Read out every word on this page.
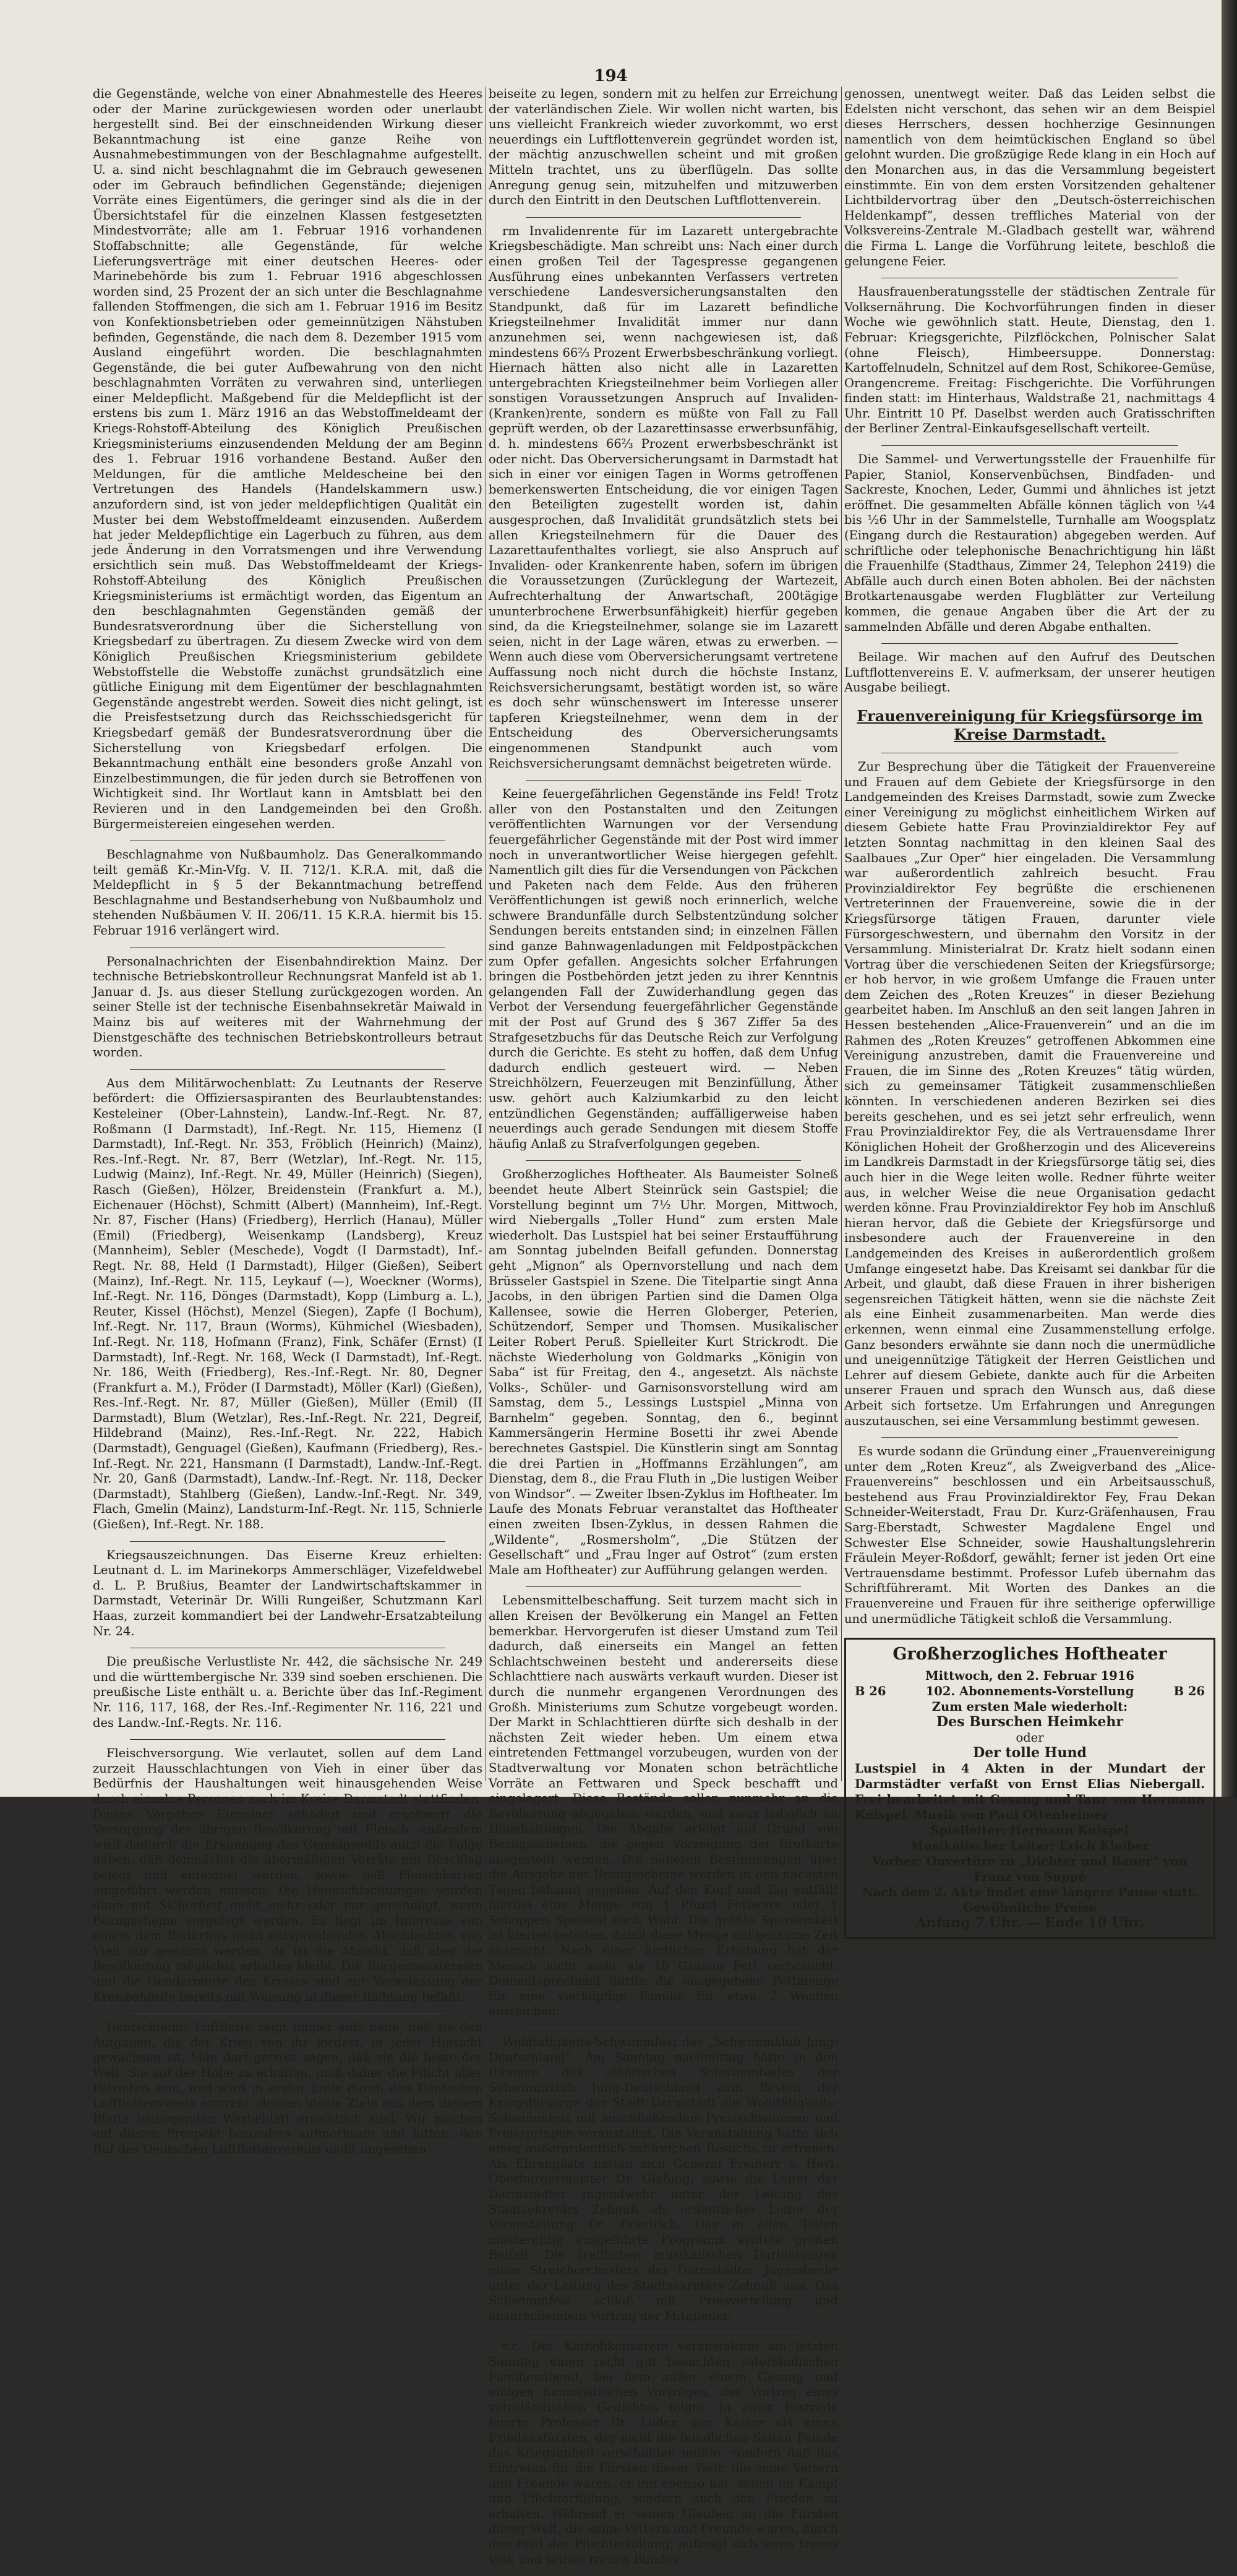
194

die Gegenstände, welche von einer Abnahmestelle des Heeres oder der Marine zurückgewiesen worden oder unerlaubt hergestellt sind. Bei der einschneidenden Wirkung dieser Bekanntmachung ist eine ganze Reihe von Ausnahmebestimmungen von der Beschlagnahme aufgestellt. U. a. sind nicht beschlagnahmt die im Gebrauch gewesenen oder im Gebrauch befindlichen Gegenstände; diejenigen Vorräte eines Eigentümers, die geringer sind als die in der Übersichtstafel für die einzelnen Klassen festgesetzten Mindestvorräte; alle am 1. Februar 1916 vorhandenen Stoffabschnitte; alle Gegenstände, für welche Lieferungsverträge mit einer deutschen Heeres- oder Marinebehörde bis zum 1. Februar 1916 abgeschlossen worden sind, 25 Prozent der an sich unter die Beschlagnahme fallenden Stoffmengen, die sich am 1. Februar 1916 im Besitz von Konfektionsbetrieben oder gemeinnützigen Nähstuben befinden, Gegenstände, die nach dem 8. Dezember 1915 vom Ausland eingeführt worden. Die beschlagnahmten Gegenstände, die bei guter Aufbewahrung von den nicht beschlagnahmten Vorräten zu verwahren sind, unterliegen einer Meldepflicht. Maßgebend für die Meldepflicht ist der erstens bis zum 1. März 1916 an das Webstoffmeldeamt der Kriegs-Rohstoff-Abteilung des Königlich Preußischen Kriegsministeriums einzusendenden Meldung der am Beginn des 1. Februar 1916 vorhandene Bestand. Außer den Meldungen, für die amtliche Meldescheine bei den Vertretungen des Handels (Handelskammern usw.) anzufordern sind, ist von jeder meldepflichtigen Qualität ein Muster bei dem Webstoffmeldeamt einzusenden. Außerdem hat jeder Meldepflichtige ein Lagerbuch zu führen, aus dem jede Änderung in den Vorratsmengen und ihre Verwendung ersichtlich sein muß. Das Webstoffmeldeamt der Kriegs-Rohstoff-Abteilung des Königlich Preußischen Kriegsministeriums ist ermächtigt worden, das Eigentum an den beschlagnahmten Gegenständen gemäß der Bundesratsverordnung über die Sicherstellung von Kriegsbedarf zu übertragen. Zu diesem Zwecke wird von dem Königlich Preußischen Kriegsministerium gebildete Webstoffstelle die Webstoffe zunächst grundsätzlich eine gütliche Einigung mit dem Eigentümer der beschlagnahmten Gegenstände angestrebt werden. Soweit dies nicht gelingt, ist die Preisfestsetzung durch das Reichsschiedsgericht für Kriegsbedarf gemäß der Bundesratsverordnung über die Sicherstellung von Kriegsbedarf erfolgen. Die Bekanntmachung enthält eine besonders große Anzahl von Einzelbestimmungen, die für jeden durch sie Betroffenen von Wichtigkeit sind. Ihr Wortlaut kann in Amtsblatt bei den Revieren und in den Landgemeinden bei den Großh. Bürgermeistereien eingesehen werden.

Beschlagnahme von Nußbaumholz. Das Generalkommando teilt gemäß Kr.-Min-Vfg. V. II. 712/1. K.R.A. mit, daß die Meldepflicht in § 5 der Bekanntmachung betreffend Beschlagnahme und Bestandserhebung von Nußbaumholz und stehenden Nußbäumen V. II. 206/11. 15 K.R.A. hiermit bis 15. Februar 1916 verlängert wird.

Personalnachrichten der Eisenbahndirektion Mainz. Der technische Betriebskontrolleur Rechnungsrat Manfeld ist ab 1. Januar d. Js. aus dieser Stellung zurückgezogen worden. An seiner Stelle ist der technische Eisenbahnsekretär Maiwald in Mainz bis auf weiteres mit der Wahrnehmung der Dienstgeschäfte des technischen Betriebskontrolleurs betraut worden.

Aus dem Militärwochenblatt: Zu Leutnants der Reserve befördert: die Offiziersaspiranten des Beurlaubtenstandes: Kesteleiner (Ober-Lahnstein), Landw.-Inf.-Regt. Nr. 87, Roßmann (I Darmstadt), Inf.-Regt. Nr. 115, Hiemenz (I Darmstadt), Inf.-Regt. Nr. 353, Fröblich (Heinrich) (Mainz), Res.-Inf.-Regt. Nr. 87, Berr (Wetzlar), Inf.-Regt. Nr. 115, Ludwig (Mainz), Inf.-Regt. Nr. 49, Müller (Heinrich) (Siegen), Rasch (Gießen), Hölzer, Breidenstein (Frankfurt a. M.), Eichenauer (Höchst), Schmitt (Albert) (Mannheim), Inf.-Regt. Nr. 87, Fischer (Hans) (Friedberg), Herrlich (Hanau), Müller (Emil) (Friedberg), Weisenkamp (Landsberg), Kreuz (Mannheim), Sebler (Meschede), Vogdt (I Darmstadt), Inf.-Regt. Nr. 88, Held (I Darmstadt), Hilger (Gießen), Seibert (Mainz), Inf.-Regt. Nr. 115, Leykauf (—), Woeckner (Worms), Inf.-Regt. Nr. 116, Dönges (Darmstadt), Kopp (Limburg a. L.), Reuter, Kissel (Höchst), Menzel (Siegen), Zapfe (I Bochum), Inf.-Regt. Nr. 117, Braun (Worms), Kühmichel (Wiesbaden), Inf.-Regt. Nr. 118, Hofmann (Franz), Fink, Schäfer (Ernst) (I Darmstadt), Inf.-Regt. Nr. 168, Weck (I Darmstadt), Inf.-Regt. Nr. 186, Weith (Friedberg), Res.-Inf.-Regt. Nr. 80, Degner (Frankfurt a. M.), Fröder (I Darmstadt), Möller (Karl) (Gießen), Res.-Inf.-Regt. Nr. 87, Müller (Gießen), Müller (Emil) (II Darmstadt), Blum (Wetzlar), Res.-Inf.-Regt. Nr. 221, Degreif, Hildebrand (Mainz), Res.-Inf.-Regt. Nr. 222, Habich (Darmstadt), Genguagel (Gießen), Kaufmann (Friedberg), Res.-Inf.-Regt. Nr. 221, Hansmann (I Darmstadt), Landw.-Inf.-Regt. Nr. 20, Ganß (Darmstadt), Landw.-Inf.-Regt. Nr. 118, Decker (Darmstadt), Stahlberg (Gießen), Landw.-Inf.-Regt. Nr. 349, Flach, Gmelin (Mainz), Landsturm-Inf.-Regt. Nr. 115, Schnierle (Gießen), Inf.-Regt. Nr. 188.

Kriegsauszeichnungen. Das Eiserne Kreuz erhielten: Leutnant d. L. im Marinekorps Ammerschläger, Vizefeldwebel d. L. P. Brußius, Beamter der Landwirtschaftskammer in Darmstadt, Veterinär Dr. Willi Rungeißer, Schutzmann Karl Haas, zurzeit kommandiert bei der Landwehr-Ersatzabteilung Nr. 24.

Die preußische Verlustliste Nr. 442, die sächsische Nr. 249 und die württembergische Nr. 339 sind soeben erschienen. Die preußische Liste enthält u. a. Berichte über das Inf.-Regiment Nr. 116, 117, 168, der Res.-Inf.-Regimenter Nr. 116, 221 und des Landw.-Inf.-Regts. Nr. 116.

Fleischversorgung. Wie verlautet, sollen auf dem Land zurzeit Hausschlachtungen von Vieh in einer über das Bedürfnis der Haushaltungen weit hinausgehenden Weise durch einzelne Personen auch im Kreise Darmstadt stattfinden. Dieses Vorgehen Einzelner schädigt und erschwert die Versorgung der übrigen Bevölkerung mit Fleisch; außerdem wird dadurch die Erkennung des Gemeinwohls auch die Folge haben, daß demnächst die übermäßigen Vorräte mit Beschlag belegt und enteignet werden, sowie daß Fleischkarten eingeführt werden müssen. Die Hausschlachtungen würden dann mit Sicherheit nicht mehr oder nur genehmigt, wenn Bezugscheine vorgelegt werden. Es liegt im Interesse von einem dem Bedürfnis nicht entsprechenden Abschlachten von Vieh nur gewarnt werden, da ist die Absicht, daß aber die Bevölkerung möglichst erhalten bleibt. Die Bürgermeistereien und die Gendarmerie des Kreises sind zur Veranlassung der Kreisbehörde bereits mit Weisung in dieser Richtung befaßt.

Deutschlands Luftflotte zeigt immer aufs neue, daß sie den Aufgaben, die der Krieg von ihr fordert, in jeder Hinsicht gewachsen ist. Man darf getrost sagen, daß sie die beste der Welt. Sie auf der Höhe zu erhalten, muß daher die Pflicht aller Patrioten sein, und wird in erster Linie durch den Deutschen Luftflottenverein erstrebt, dessen ideale Ziele aus dem diesem Blatte beiliegenden Werbeblatt ersichtlich sind. Wir machen auf diesen Prospekt besonders aufmerksam und bitten, den Ruf des Deutschen Luftflottenvereins nicht ungesehen

beiseite zu legen, sondern mit zu helfen zur Erreichung der vaterländischen Ziele. Wir wollen nicht warten, bis uns vielleicht Frankreich wieder zuvorkommt, wo erst neuerdings ein Luftflottenverein gegründet worden ist, der mächtig anzuschwellen scheint und mit großen Mitteln trachtet, uns zu überflügeln. Das sollte Anregung genug sein, mitzuhelfen und mitzuwerben durch den Eintritt in den Deutschen Luftflottenverein.

rm Invalidenrente für im Lazarett untergebrachte Kriegsbeschädigte. Man schreibt uns: Nach einer durch einen großen Teil der Tagespresse gegangenen Ausführung eines unbekannten Verfassers vertreten verschiedene Landesversicherungsanstalten den Standpunkt, daß für im Lazarett befindliche Kriegsteilnehmer Invalidität immer nur dann anzunehmen sei, wenn nachgewiesen ist, daß mindestens 66⅔ Prozent Erwerbsbeschränkung vorliegt. Hiernach hätten also nicht alle in Lazaretten untergebrachten Kriegsteilnehmer beim Vorliegen aller sonstigen Voraussetzungen Anspruch auf Invaliden-(Kranken)rente, sondern es müßte von Fall zu Fall geprüft werden, ob der Lazarettinsasse erwerbsunfähig, d. h. mindestens 66⅔ Prozent erwerbsbeschränkt ist oder nicht. Das Oberversicherungsamt in Darmstadt hat sich in einer vor einigen Tagen in Worms getroffenen bemerkenswerten Entscheidung, die vor einigen Tagen den Beteiligten zugestellt worden ist, dahin ausgesprochen, daß Invalidität grundsätzlich stets bei allen Kriegsteilnehmern für die Dauer des Lazarettaufenthaltes vorliegt, sie also Anspruch auf Invaliden- oder Krankenrente haben, sofern im übrigen die Voraussetzungen (Zurücklegung der Wartezeit, Aufrechterhaltung der Anwartschaft, 200tägige ununterbrochene Erwerbsunfähigkeit) hierfür gegeben sind, da die Kriegsteilnehmer, solange sie im Lazarett seien, nicht in der Lage wären, etwas zu erwerben. — Wenn auch diese vom Oberversicherungsamt vertretene Auffassung noch nicht durch die höchste Instanz, Reichsversicherungsamt, bestätigt worden ist, so wäre es doch sehr wünschenswert im Interesse unserer tapferen Kriegsteilnehmer, wenn dem in der Entscheidung des Oberversicherungsamts eingenommenen Standpunkt auch vom Reichsversicherungsamt demnächst beigetreten würde.

Keine feuergefährlichen Gegenstände ins Feld! Trotz aller von den Postanstalten und den Zeitungen veröffentlichten Warnungen vor der Versendung feuergefährlicher Gegenstände mit der Post wird immer noch in unverantwortlicher Weise hiergegen gefehlt. Namentlich gilt dies für die Versendungen von Päckchen und Paketen nach dem Felde. Aus den früheren Veröffentlichungen ist gewiß noch erinnerlich, welche schwere Brandunfälle durch Selbstentzündung solcher Sendungen bereits entstanden sind; in einzelnen Fällen sind ganze Bahnwagenladungen mit Feldpostpäckchen zum Opfer gefallen. Angesichts solcher Erfahrungen bringen die Postbehörden jetzt jeden zu ihrer Kenntnis gelangenden Fall der Zuwiderhandlung gegen das Verbot der Versendung feuergefährlicher Gegenstände mit der Post auf Grund des § 367 Ziffer 5a des Strafgesetzbuchs für das Deutsche Reich zur Verfolgung durch die Gerichte. Es steht zu hoffen, daß dem Unfug dadurch endlich gesteuert wird. — Neben Streichhölzern, Feuerzeugen mit Benzinfüllung, Äther usw. gehört auch Kalziumkarbid zu den leicht entzündlichen Gegenständen; auffälligerweise haben neuerdings auch gerade Sendungen mit diesem Stoffe häufig Anlaß zu Strafverfolgungen gegeben.

Großherzogliches Hoftheater. Als Baumeister Solneß beendet heute Albert Steinrück sein Gastspiel; die Vorstellung beginnt um 7½ Uhr. Morgen, Mittwoch, wird Niebergalls „Toller Hund“ zum ersten Male wiederholt. Das Lustspiel hat bei seiner Erstaufführung am Sonntag jubelnden Beifall gefunden. Donnerstag geht „Mignon“ als Opernvorstellung und nach dem Brüsseler Gastspiel in Szene. Die Titelpartie singt Anna Jacobs, in den übrigen Partien sind die Damen Olga Kallensee, sowie die Herren Globerger, Peterien, Schützendorf, Semper und Thomsen. Musikalischer Leiter Robert Peruß. Spielleiter Kurt Strickrodt. Die nächste Wiederholung von Goldmarks „Königin von Saba“ ist für Freitag, den 4., angesetzt. Als nächste Volks-, Schüler- und Garnisonsvorstellung wird am Samstag, dem 5., Lessings Lustspiel „Minna von Barnhelm“ gegeben. Sonntag, den 6., beginnt Kammersängerin Hermine Bosetti ihr zwei Abende berechnetes Gastspiel. Die Künstlerin singt am Sonntag die drei Partien in „Hoffmanns Erzählungen“, am Dienstag, dem 8., die Frau Fluth in „Die lustigen Weiber von Windsor“. — Zweiter Ibsen-Zyklus im Hoftheater. Im Laufe des Monats Februar veranstaltet das Hoftheater einen zweiten Ibsen-Zyklus, in dessen Rahmen die „Wildente“, „Rosmersholm“, „Die Stützen der Gesellschaft“ und „Frau Inger auf Ostrot“ (zum ersten Male am Hoftheater) zur Aufführung gelangen werden.

Lebensmittelbeschaffung. Seit turzem macht sich in allen Kreisen der Bevölkerung ein Mangel an Fetten bemerkbar. Hervorgerufen ist dieser Umstand zum Teil dadurch, daß einerseits ein Mangel an fetten Schlachtschweinen besteht und andererseits diese Schlachttiere nach auswärts verkauft wurden. Dieser ist durch die nunmehr ergangenen Verordnungen des Großh. Ministeriums zum Schutze vorgebeugt worden. Der Markt in Schlachttieren dürfte sich deshalb in der nächsten Zeit wieder heben. Um einem etwa eintretenden Fettmangel vorzubeugen, wurden von der Stadtverwaltung vor Monaten schon beträchtliche Vorräte an Fettwaren und Speck beschafft und eingelagert. Diese Bestände sollen nunmehr an die Bevölkerung abgegeben werden, und zwar lediglich an Haushaltungen. Die Abgabe erfolgt auf Grund von Bezugsscheinen, die gegen Vorzeigung der Brotkarte ausgestellt werden. Die näheren Bestimmungen über die Ausgabe der Bezugsscheine werden in den nächsten Tagen bekannt gegeben. Auf den Kopf und Tag entfällt hierbei eine Menge von 1 Pfund Fettware oder 1 Schoppen Speiseöl nach Wahl. Die größte Sparsamkeit ist hierbei geboten, damit diese Menge auf geraume Zeit ausreicht. Nach einer ärztlichen Erhebung hat der Mensch nicht mehr als 10 Gramm Fett verbraucht. Dementsprechend dürfte die ausgegebene Fettmenge für eine vierköpfige Familie für etwa 2 Wochen ausreichen.

Wohltätigkeits-Schwimmfest des „Schwimmklub Jung-Deutschland“. Am Sonntag nachmittag hatte in den Räumen des städtischen Schwimmbades der Schwimmklub Jung-Deutschland zum Besten der Kriegsfürsorge der Stadt Darmstadt ein Wohltätigkeits-Schwimmfest mit anschließendem Preisschwimmen und Preisspringen veranstaltet. Die Veranstaltung hatte sich eines außerordentlich zahlreichen Besuchs zu erfreuen. Als Ehrengäste hatten sich General Freiherr v. Heyl, Oberbürgermeister Dr. Gläßing, sowie die Leiter der Darmstädter Jugendwehr unter der Leitung des Stadtsekretärs Zehnuß als ordentlicher Leiter der Veranstaltung Dr. Friedrich. Das in allen Teilen mustergiltig ausgeführte Programm erntete großen Beifall. Die trefflichen musikalischen Darbietungen eines Streichorchesters der Darmstädter Jugendwehr unter der Leitung des Stadtsekretärs Zehnuß usw. Das Schwimmfest schloß mit Preisverteilung und ansprechendem Vortrag der Mitglieder.

v.c. Der Katholikenverein veranstaltete am letzten Sonntag einen recht gut besuchten vaterländischen Familienabend, bei dem außer einem Gesang und einigen humoristischen Vorträgen, der Vortrag eines vaterländischen Gedichtes folgte. In einer Festrede feierte Professor Dr. Lüden den Kaiser als einen Friedensfürsten, der nicht die feindlichen Seiten Feinde das Kriegsunheil verschulden mußte, sondern daß das Eintreten für die Fürsten dieser Welt, die seine Vettern und Freunde waren, er ihn ebenso hat, sehen im Kampf und Pflichterfüllung, sondern auch den Frieden zu erhalten. Während er seinen Glauben an die Fürsten dieser Welt, die seine Vettern und Freunde waren, durch den Pfad der Pflichterfüllung, aufzeigt sich seine treues Volk und seinen treuen Bundes-

genossen, unentwegt weiter. Daß das Leiden selbst die Edelsten nicht verschont, das sehen wir an dem Beispiel dieses Herrschers, dessen hochherzige Gesinnungen namentlich von dem heimtückischen England so übel gelohnt wurden. Die großzügige Rede klang in ein Hoch auf den Monarchen aus, in das die Versammlung begeistert einstimmte. Ein von dem ersten Vorsitzenden gehaltener Lichtbildervortrag über den „Deutsch-österreichischen Heldenkampf“, dessen treffliches Material von der Volksvereins-Zentrale M.-Gladbach gestellt war, während die Firma L. Lange die Vorführung leitete, beschloß die gelungene Feier.

Hausfrauenberatungsstelle der städtischen Zentrale für Volksernährung. Die Kochvorführungen finden in dieser Woche wie gewöhnlich statt. Heute, Dienstag, den 1. Februar: Kriegsgerichte, Pilzflöckchen, Polnischer Salat (ohne Fleisch), Himbeersuppe. Donnerstag: Kartoffelnudeln, Schnitzel auf dem Rost, Schikoree-Gemüse, Orangencreme. Freitag: Fischgerichte. Die Vorführungen finden statt: im Hinterhaus, Waldstraße 21, nachmittags 4 Uhr. Eintritt 10 Pf. Daselbst werden auch Gratisschriften der Berliner Zentral-Einkaufsgesellschaft verteilt.

Die Sammel- und Verwertungsstelle der Frauenhilfe für Papier, Staniol, Konservenbüchsen, Bindfaden- und Sackreste, Knochen, Leder, Gummi und ähnliches ist jetzt eröffnet. Die gesammelten Abfälle können täglich von ¼4 bis ½6 Uhr in der Sammelstelle, Turnhalle am Woogsplatz (Eingang durch die Restauration) abgegeben werden. Auf schriftliche oder telephonische Benachrichtigung hin läßt die Frauenhilfe (Stadthaus, Zimmer 24, Telephon 2419) die Abfälle auch durch einen Boten abholen. Bei der nächsten Brotkartenausgabe werden Flugblätter zur Verteilung kommen, die genaue Angaben über die Art der zu sammelnden Abfälle und deren Abgabe enthalten.

Beilage. Wir machen auf den Aufruf des Deutschen Luftflottenvereins E. V. aufmerksam, der unserer heutigen Ausgabe beiliegt.

Frauenvereinigung für Kriegsfürsorge im Kreise Darmstadt.

Zur Besprechung über die Tätigkeit der Frauenvereine und Frauen auf dem Gebiete der Kriegsfürsorge in den Landgemeinden des Kreises Darmstadt, sowie zum Zwecke einer Vereinigung zu möglichst einheitlichem Wirken auf diesem Gebiete hatte Frau Provinzialdirektor Fey auf letzten Sonntag nachmittag in den kleinen Saal des Saalbaues „Zur Oper“ hier eingeladen. Die Versammlung war außerordentlich zahlreich besucht. Frau Provinzialdirektor Fey begrüßte die erschienenen Vertreterinnen der Frauenvereine, sowie die in der Kriegsfürsorge tätigen Frauen, darunter viele Fürsorgeschwestern, und übernahm den Vorsitz in der Versammlung. Ministerialrat Dr. Kratz hielt sodann einen Vortrag über die verschiedenen Seiten der Kriegsfürsorge; er hob hervor, in wie großem Umfange die Frauen unter dem Zeichen des „Roten Kreuzes“ in dieser Beziehung gearbeitet haben. Im Anschluß an den seit langen Jahren in Hessen bestehenden „Alice-Frauenverein“ und an die im Rahmen des „Roten Kreuzes“ getroffenen Abkommen eine Vereinigung anzustreben, damit die Frauenvereine und Frauen, die im Sinne des „Roten Kreuzes“ tätig würden, sich zu gemeinsamer Tätigkeit zusammenschließen könnten. In verschiedenen anderen Bezirken sei dies bereits geschehen, und es sei jetzt sehr erfreulich, wenn Frau Provinzialdirektor Fey, die als Vertrauensdame Ihrer Königlichen Hoheit der Großherzogin und des Alicevereins im Landkreis Darmstadt in der Kriegsfürsorge tätig sei, dies auch hier in die Wege leiten wolle. Redner führte weiter aus, in welcher Weise die neue Organisation gedacht werden könne. Frau Provinzialdirektor Fey hob im Anschluß hieran hervor, daß die Gebiete der Kriegsfürsorge und insbesondere auch der Frauenvereine in den Landgemeinden des Kreises in außerordentlich großem Umfange eingesetzt habe. Das Kreisamt sei dankbar für die Arbeit, und glaubt, daß diese Frauen in ihrer bisherigen segensreichen Tätigkeit hätten, wenn sie die nächste Zeit als eine Einheit zusammenarbeiten. Man werde dies erkennen, wenn einmal eine Zusammenstellung erfolge. Ganz besonders erwähnte sie dann noch die unermüdliche und uneigennützige Tätigkeit der Herren Geistlichen und Lehrer auf diesem Gebiete, dankte auch für die Arbeiten unserer Frauen und sprach den Wunsch aus, daß diese Arbeit sich fortsetze. Um Erfahrungen und Anregungen auszutauschen, sei eine Versammlung bestimmt gewesen.

Es wurde sodann die Gründung einer „Frauenvereinigung unter dem „Roten Kreuz“, als Zweigverband des „Alice-Frauenvereins“ beschlossen und ein Arbeitsausschuß, bestehend aus Frau Provinzialdirektor Fey, Frau Dekan Schneider-Weiterstadt, Frau Dr. Kurz-Gräfenhausen, Frau Sarg-Eberstadt, Schwester Magdalene Engel und Schwester Else Schneider, sowie Haushaltungslehrerin Fräulein Meyer-Roßdorf, gewählt; ferner ist jeden Ort eine Vertrauensdame bestimmt. Professor Lufeb übernahm das Schriftführeramt. Mit Worten des Dankes an die Frauenvereine und Frauen für ihre seitherige opferwillige und unermüdliche Tätigkeit schloß die Versammlung.

Großherzogliches Hoftheater
Mittwoch, den 2. Februar 1916
B 26	102. Abonnements-Vorstellung	B 26
Zum ersten Male wiederholt:
Des Burschen Heimkehr
oder
Der tolle Hund
Lustspiel in 4 Akten in der Mundart der Darmstädter verfaßt von Ernst Elias Niebergall. Frei bearbeitet mit Gesang und Tanz von Hermann Knispel. Musik von Paul Ottenheimer
Spielleiter: Hermann Knispel
Musikalischer Leiter: Erich Kleiber
Vorher: Ouvertüre zu „Dichter und Bauer“ von Franz von Suppé
Nach dem 2. Akte findet eine längere Pause statt.
Gewöhnliche Preise
Anfang 7 Uhr. — Ende 10 Uhr.
